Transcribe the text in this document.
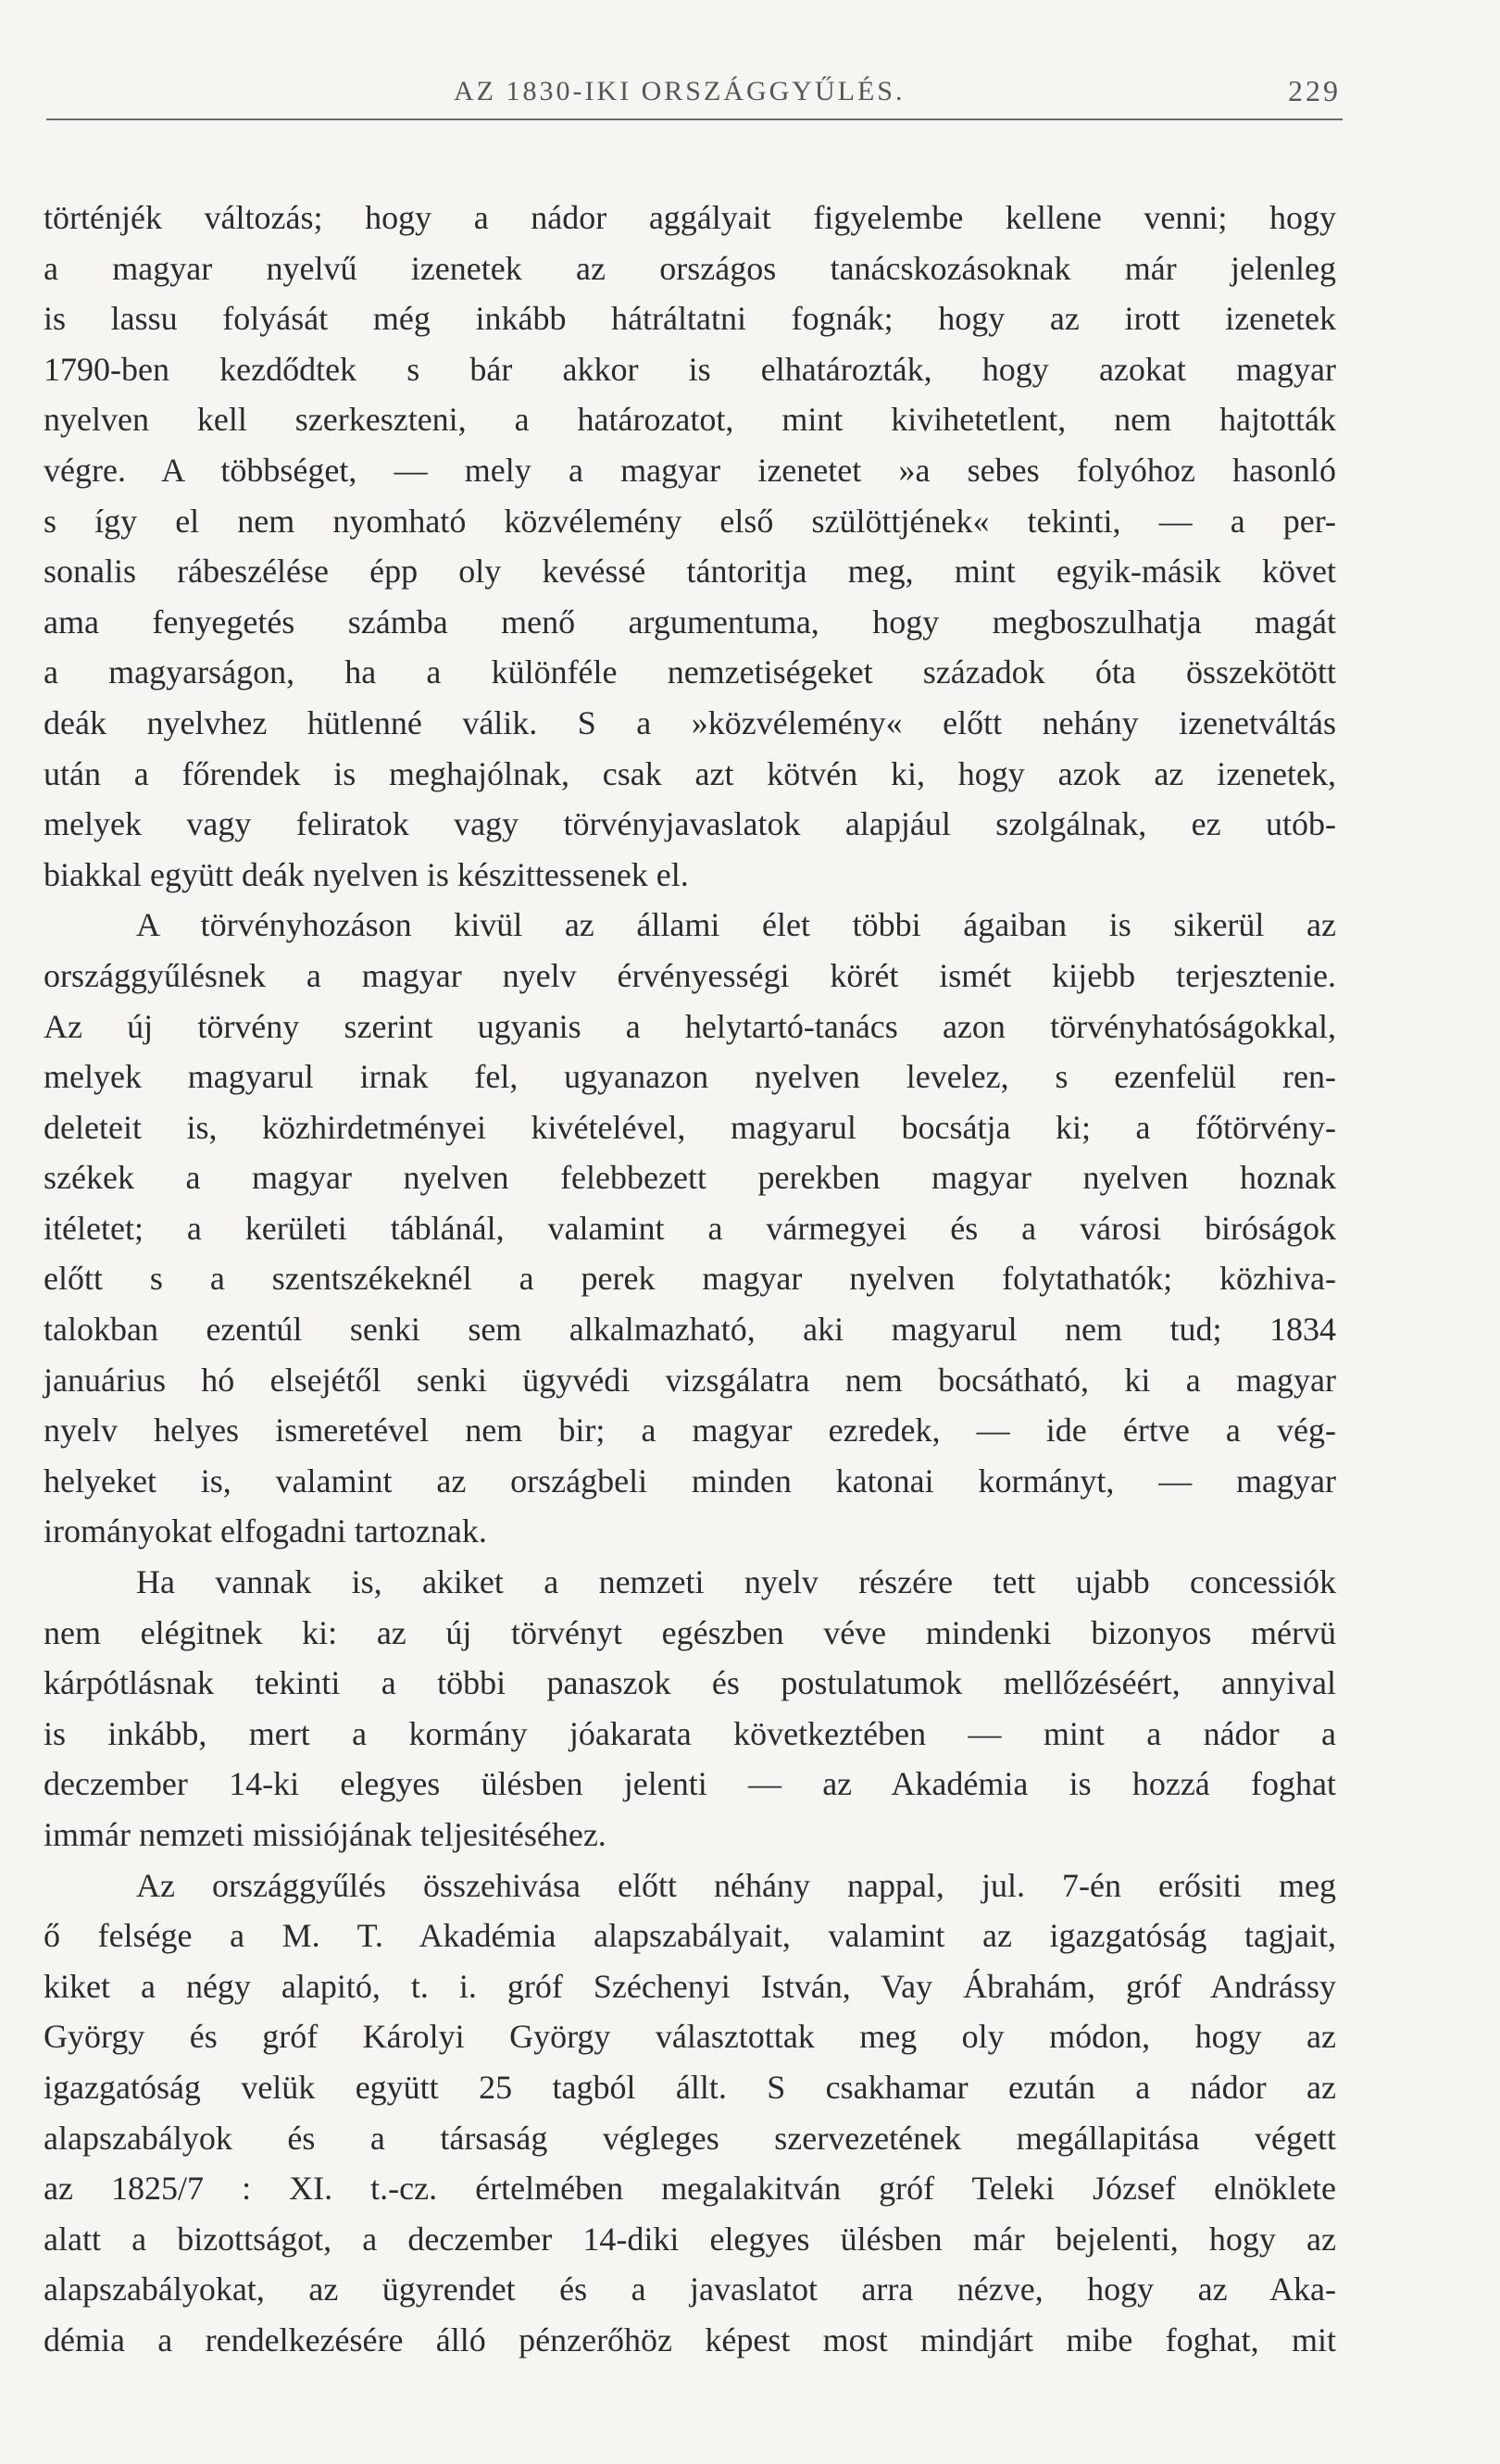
AZ 1830-IKI ORSZÁGGYŰLÉS.	229
történjék változás; hogy a nádor aggályait figyelembe kellene venni; hogy
a magyar nyelvű izenetek az országos tanácskozásoknak már jelenleg
is lassu folyását még inkább hátráltatni fognák; hogy az irott izenetek
1790-ben kezdődtek s bár akkor is elhatározták, hogy azokat magyar
nyelven kell szerkeszteni, a határozatot, mint kivihetetlent, nem hajtották
végre. A többséget, — mely a magyar izenetet »a sebes folyóhoz hasonló
s így el nem nyomható közvélemény első szülöttjének« tekinti, — a per-
sonalis rábeszélése épp oly kevéssé tántoritja meg, mint egyik-másik követ
ama fenyegetés számba menő argumentuma, hogy megboszulhatja magát
a magyarságon, ha a különféle nemzetiségeket századok óta összekötött
deák nyelvhez hütlenné válik. S a »közvélemény« előtt nehány izenetváltás
után a főrendek is meghajólnak, csak azt kötvén ki, hogy azok az izenetek,
melyek vagy feliratok vagy törvényjavaslatok alapjául szolgálnak, ez utób-
biakkal együtt deák nyelven is készittessenek el.
A törvényhozáson kivül az állami élet többi ágaiban is sikerül az
országgyűlésnek a magyar nyelv érvényességi körét ismét kijebb terjesztenie.
Az új törvény szerint ugyanis a helytartó-tanács azon törvényhatóságokkal,
melyek magyarul irnak fel, ugyanazon nyelven levelez, s ezenfelül ren-
deleteit is, közhirdetményei kivételével, magyarul bocsátja ki; a főtörvény-
székek a magyar nyelven felebbezett perekben magyar nyelven hoznak
itéletet; a kerületi táblánál, valamint a vármegyei és a városi biróságok
előtt s a szentszékeknél a perek magyar nyelven folytathatók; közhiva-
talokban ezentúl senki sem alkalmazható, aki magyarul nem tud; 1834
januárius hó elsejétől senki ügyvédi vizsgálatra nem bocsátható, ki a magyar
nyelv helyes ismeretével nem bir; a magyar ezredek, — ide értve a vég-
helyeket is, valamint az országbeli minden katonai kormányt, — magyar
irományokat elfogadni tartoznak.
Ha vannak is, akiket a nemzeti nyelv részére tett ujabb concessiók
nem elégitnek ki: az új törvényt egészben véve mindenki bizonyos mérvü
kárpótlásnak tekinti a többi panaszok és postulatumok mellőzéséért, annyival
is inkább, mert a kormány jóakarata következtében — mint a nádor a
deczember 14-ki elegyes ülésben jelenti — az Akadémia is hozzá foghat
immár nemzeti missiójának teljesitéséhez.
Az országgyűlés összehivása előtt néhány nappal, jul. 7-én erősiti meg
ő felsége a M. T. Akadémia alapszabályait, valamint az igazgatóság tagjait,
kiket a négy alapitó, t. i. gróf Széchenyi István, Vay Ábrahám, gróf Andrássy
György és gróf Károlyi György választottak meg oly módon, hogy az
igazgatóság velük együtt 25 tagból állt. S csakhamar ezután a nádor az
alapszabályok és a társaság végleges szervezetének megállapitása végett
az 1825/7 : XI. t.-cz. értelmében megalakitván gróf Teleki József elnöklete
alatt a bizottságot, a deczember 14-diki elegyes ülésben már bejelenti, hogy az
alapszabályokat, az ügyrendet és a javaslatot arra nézve, hogy az Aka-
démia a rendelkezésére álló pénzerőhöz képest most mindjárt mibe foghat, mit
